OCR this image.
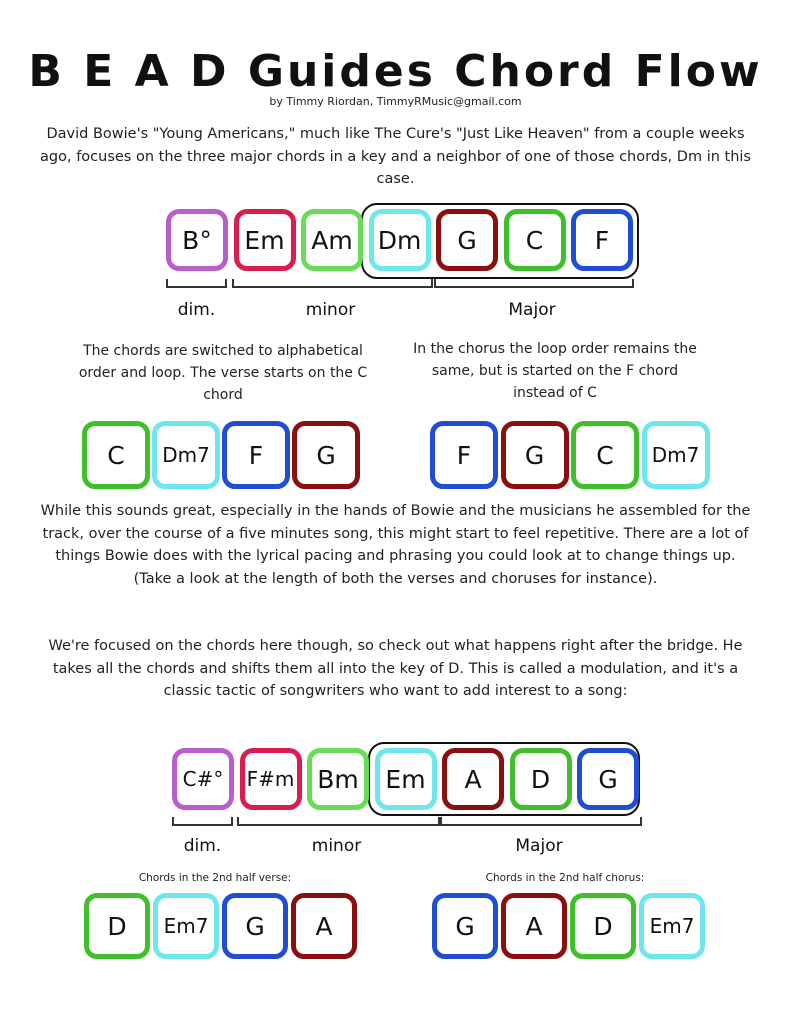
B E A D Guides Chord Flow
by Timmy Riordan, TimmyRMusic@gmail.com
David Bowie's "Young Americans," much like The Cure's "Just Like Heaven" from a couple weeks ago, focuses on the three major chords in a key and a neighbor of one of those chords, Dm in this case.
B° Em Am Dm G C F
dim.	minor	Major
The chords are switched to alphabetical order and loop. The verse starts on the C chord
In the chorus the loop order remains the same, but is started on the F chord instead of C
C Dm7 F G	F G C Dm7
While this sounds great, especially in the hands of Bowie and the musicians he assembled for the track, over the course of a five minutes song, this might start to feel repetitive. There are a lot of things Bowie does with the lyrical pacing and phrasing you could look at to change things up. (Take a look at the length of both the verses and choruses for instance).
We're focused on the chords here though, so check out what happens right after the bridge. He takes all the chords and shifts them all into the key of D. This is called a modulation, and it's a classic tactic of songwriters who want to add interest to a song:
C#° F#m Bm Em A D G
dim.	minor	Major
Chords in the 2nd half verse:	Chords in the 2nd half chorus:
D Em7 G A	G A D Em7
